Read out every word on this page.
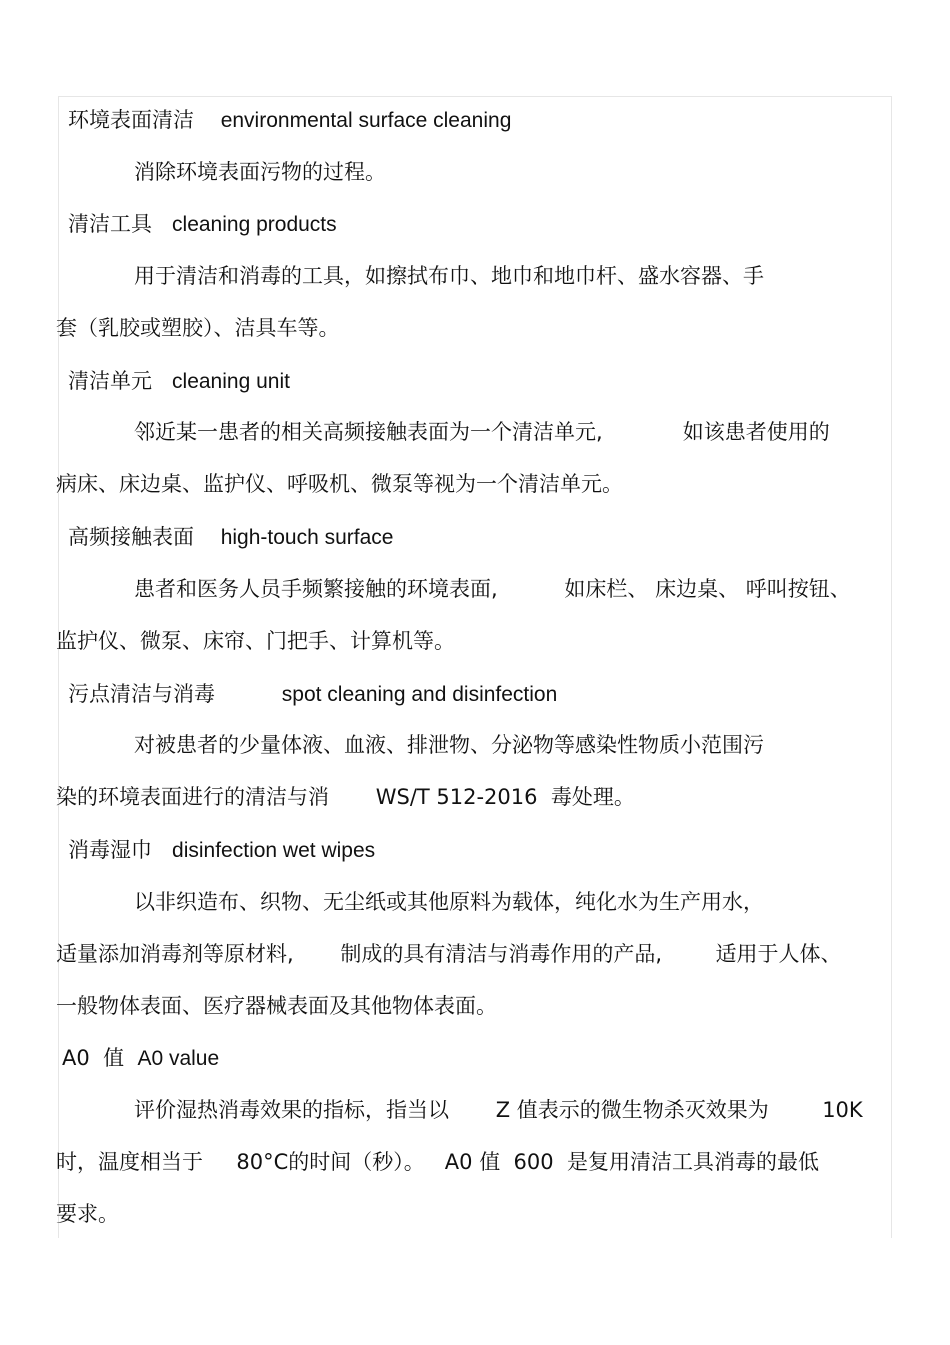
环境表面清洁 environmental surface cleaning
消除环境表面污物的过程。
清洁工具 cleaning products
用于清洁和消毒的工具，如擦拭布巾、地巾和地巾杆、盛水容器、手
套（乳胶或塑胶）、洁具车等。
清洁单元 cleaning unit
邻近某一患者的相关高频接触表面为一个清洁单元,            如该患者使用的
病床、床边桌、监护仪、呼吸机、微泵等视为一个清洁单元。
高频接触表面 high-touch surface
患者和医务人员手频繁接触的环境表面,          如床栏、 床边桌、 呼叫按钮、
监护仪、微泵、床帘、门把手、计算机等。
污点清洁与消毒	spot cleaning and disinfection
对被患者的少量体液、血液、排泄物、分泌物等感染性物质小范围污
染的环境表面进行的清洁与消       WS/T 512-2016  毒处理。
消毒湿巾 disinfection wet wipes
以非织造布、织物、无尘纸或其他原料为载体，纯化水为生产用水，
适量添加消毒剂等原材料,       制成的具有清洁与消毒作用的产品,        适用于人体、
一般物体表面、医疗器械表面及其他物体表面。
A0  值 A0 value
评价湿热消毒效果的指标，指当以       Z 值表示的微生物杀灭效果为        10K
时，温度相当于     80°C的时间（秒）。   A0 值  600  是复用清洁工具消毒的最低
要求。
